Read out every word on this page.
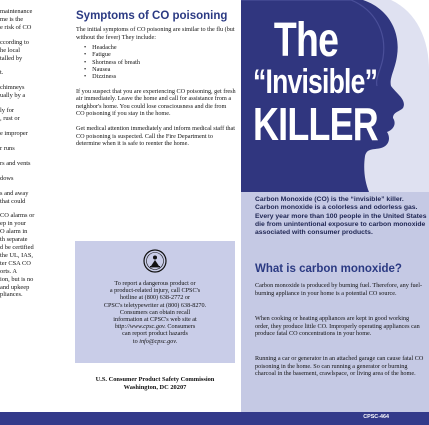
maintenance

me is the

e risk of CO

ccording to

he local

talled by

t.

chimneys

ually by a

ly for

, rust or

e improper

r runs

rs and vents

dows

s and away

that could

CO alarms or

ep in your

O alarm in

th separate

d be certified

the UL, IAS,

ter CSA CO

orts. A

ion, but is no

and upkeep

pliances.

Symptoms of CO poisoning

The initial symptoms of CO poisoning are similar to the flu (but without the fever) They include:

• Headache
• Fatigue
• Shortness of breath
• Nausea
• Dizziness

If you suspect that you are experiencing CO poisoning, get fresh air immediately. Leave the home and call for assistance from a neighbor's home. You could lose consciousness and die from CO poisoning if you stay in the home.

Get medical attention immediately and inform medical staff that CO poisoning is suspected. Call the Fire Department to determine when it is safe to reenter the home.

To report a dangerous product or
a product-related injury, call CPSC's
hotline at (800) 638-2772 or
CPSC's teletypewriter at (800) 638-8270.
Consumers can obtain recall
information at CPSC's web site at
http://www.cpsc.gov. Consumers
can report product hazards
to info@cpsc.gov.
U.S. Consumer Product Safety Commission
Washington, DC 20207
The
“Invisible”
KILLER
Carbon Monoxide (CO) is the “invisible” killer. Carbon monoxide is a colorless and odorless gas. Every year more than 100 people in the United States die from unintentional exposure to carbon monoxide associated with consumer products.
What is carbon monoxide?

Carbon monoxide is produced by burning fuel. Therefore, any fuel-burning appliance in your home is a potential CO source.

When cooking or heating appliances are kept in good working order, they produce little CO. Improperly operating appliances can produce fatal CO concentrations in your home.

Running a car or generator in an attached garage can cause fatal CO poisoning in the home. So can running a generator or burning charcoal in the basement, crawlspace, or living area of the home.

CPSC-464
